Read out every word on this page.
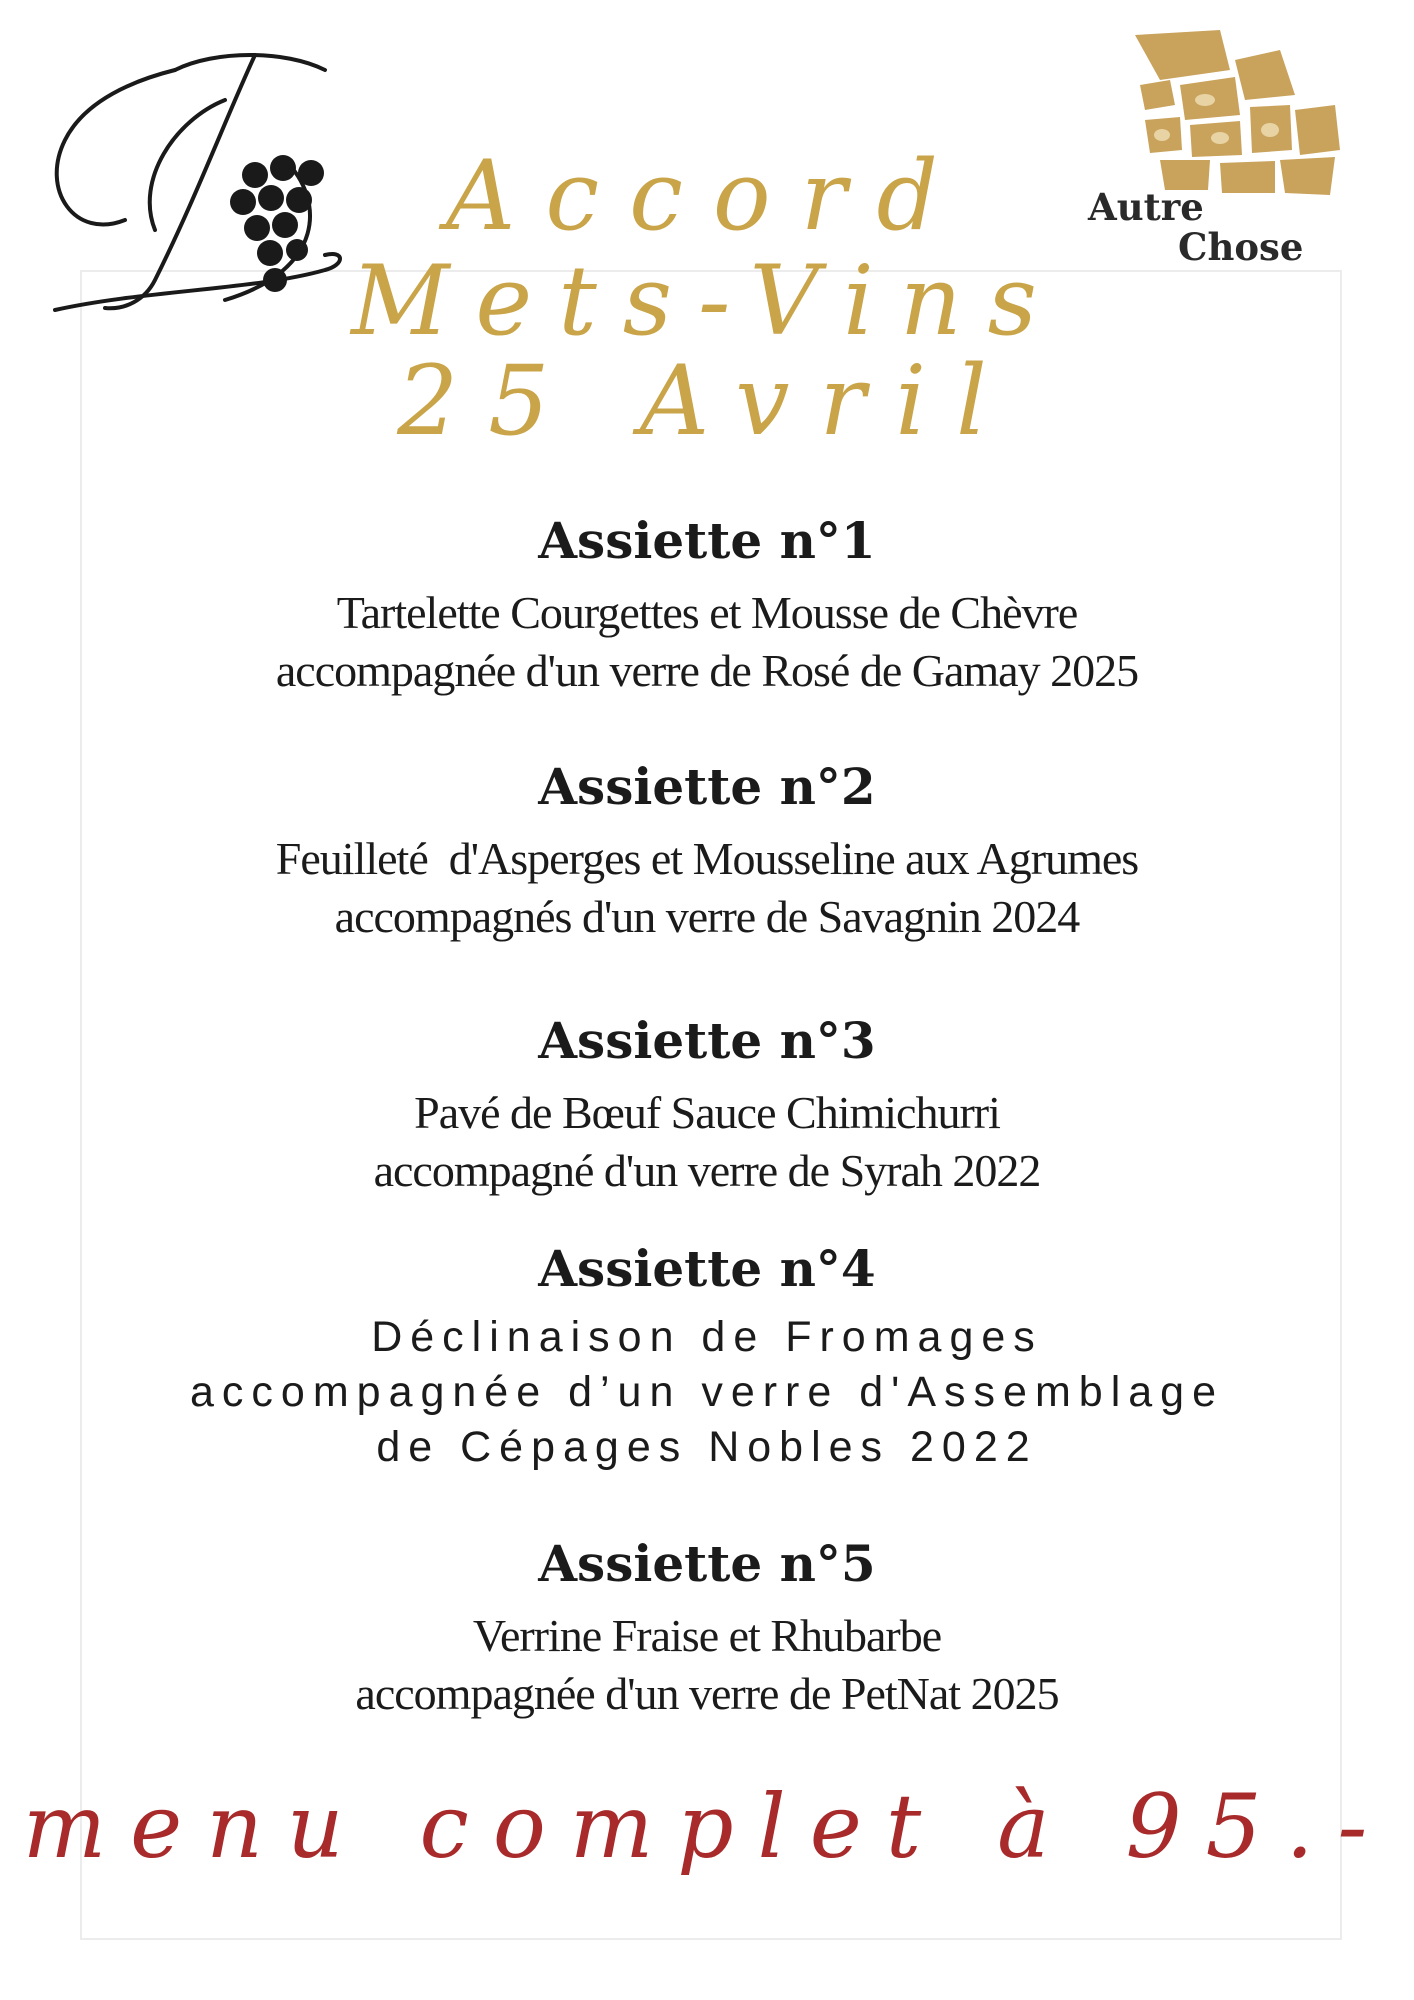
Autre
Chose
Accord
Mets-Vins
25 Avril
Assiette n°1

Tartelette Courgettes et Mousse de Chèvre
accompagnée d'un verre de Rosé de Gamay 2025

Assiette n°2

Feuilleté  d'Asperges et Mousseline aux Agrumes
accompagnés d'un verre de Savagnin 2024

Assiette n°3

Pavé de Bœuf Sauce Chimichurri
accompagné d'un verre de Syrah 2022

Assiette n°4

Déclinaison de Fromages
accompagnée d’un verre d'Assemblage
de Cépages Nobles 2022

Assiette n°5

Verrine Fraise et Rhubarbe
accompagnée d'un verre de PetNat 2025

menu complet à 95.-
